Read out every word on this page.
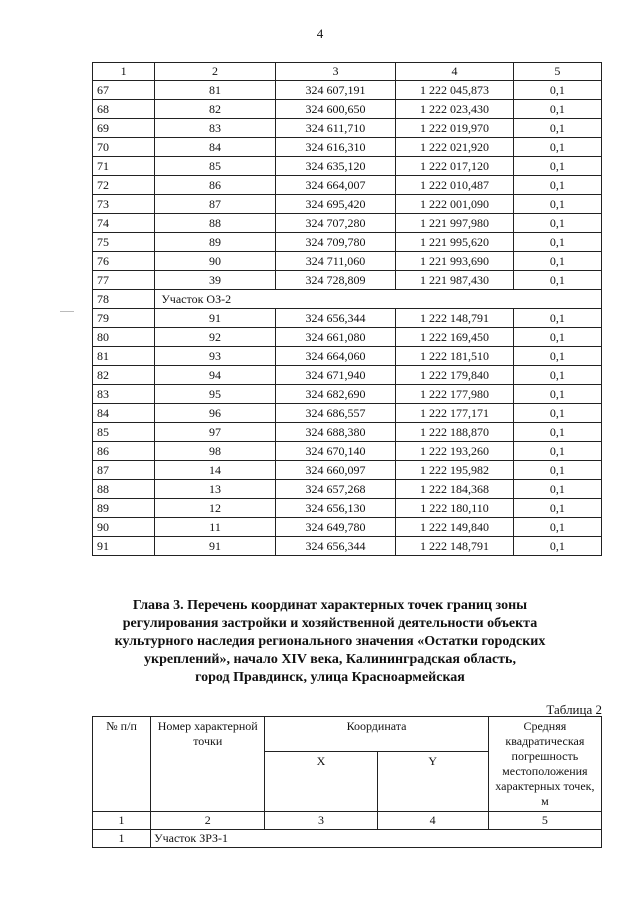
4
1	2	3	4	5
67	81	324 607,191	1 222 045,873	0,1
68	82	324 600,650	1 222 023,430	0,1
69	83	324 611,710	1 222 019,970	0,1
70	84	324 616,310	1 222 021,920	0,1
71	85	324 635,120	1 222 017,120	0,1
72	86	324 664,007	1 222 010,487	0,1
73	87	324 695,420	1 222 001,090	0,1
74	88	324 707,280	1 221 997,980	0,1
75	89	324 709,780	1 221 995,620	0,1
76	90	324 711,060	1 221 993,690	0,1
77	39	324 728,809	1 221 987,430	0,1
78	Участок ОЗ-2			
79	91	324 656,344	1 222 148,791	0,1
80	92	324 661,080	1 222 169,450	0,1
81	93	324 664,060	1 222 181,510	0,1
82	94	324 671,940	1 222 179,840	0,1
83	95	324 682,690	1 222 177,980	0,1
84	96	324 686,557	1 222 177,171	0,1
85	97	324 688,380	1 222 188,870	0,1
86	98	324 670,140	1 222 193,260	0,1
87	14	324 660,097	1 222 195,982	0,1
88	13	324 657,268	1 222 184,368	0,1
89	12	324 656,130	1 222 180,110	0,1
90	11	324 649,780	1 222 149,840	0,1
91	91	324 656,344	1 222 148,791	0,1
Глава 3. Перечень координат характерных точек границ зоны
регулирования застройки и хозяйственной деятельности объекта
культурного наследия регионального значения «Остатки городских
укреплений», начало XIV века, Калининградская область,
город Правдинск, улица Красноармейская
Таблица 2
№ п/п	Номер характерной точки	Координата		Средняя квадратическая погрешность местоположения характерных точек, м
		X	Y	
1	2	3	4	5
1	Участок ЗРЗ-1			
